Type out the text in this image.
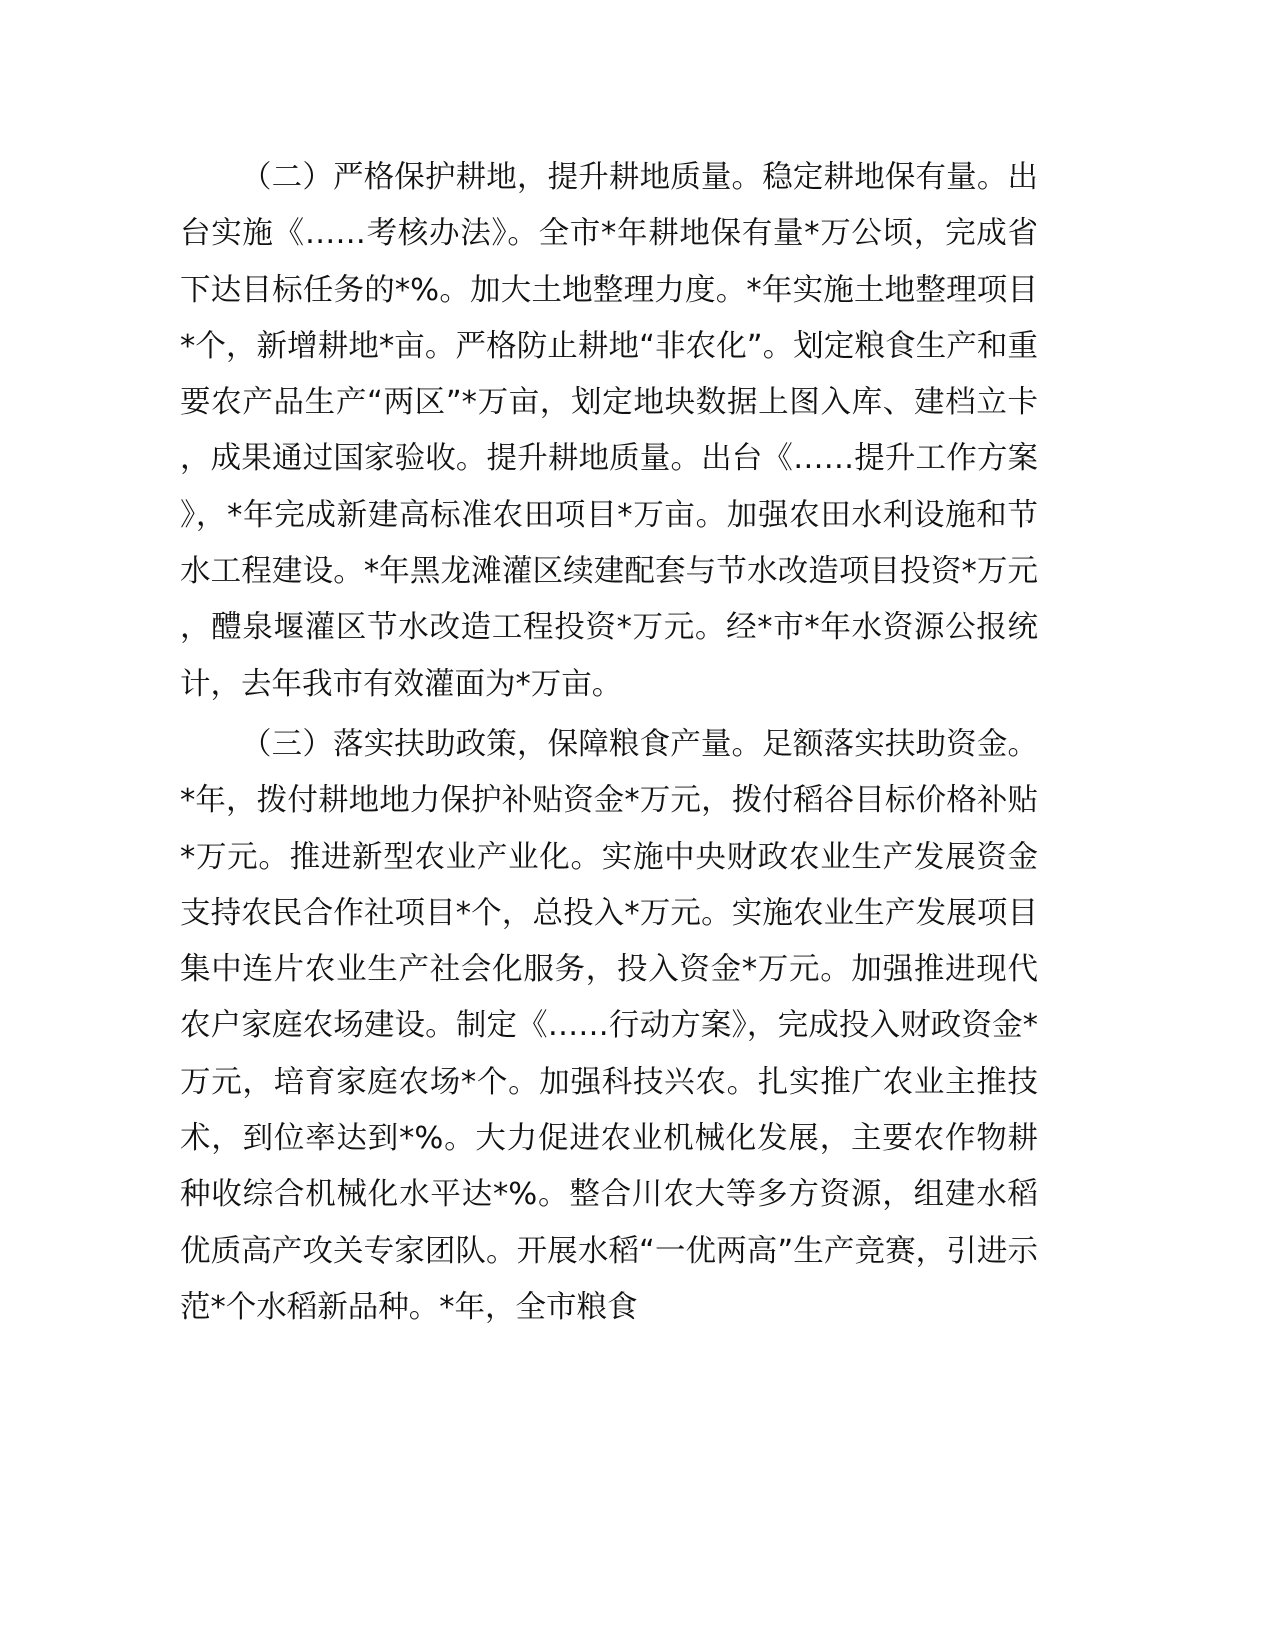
（二）严格保护耕地，提升耕地质量。稳定耕地保有量。出台实施《……考核办法》。全市*年耕地保有量*万公顷，完成省下达目标任务的*%。加大土地整理力度。*年实施土地整理项目*个，新增耕地*亩。严格防止耕地“非农化”。划定粮食生产和重要农产品生产“两区”*万亩，划定地块数据上图入库、建档立卡，成果通过国家验收。提升耕地质量。出台《……提升工作方案》，*年完成新建高标准农田项目*万亩。加强农田水利设施和节水工程建设。*年黑龙滩灌区续建配套与节水改造项目投资*万元，醴泉堰灌区节水改造工程投资*万元。经*市*年水资源公报统计，去年我市有效灌面为*万亩。

（三）落实扶助政策，保障粮食产量。足额落实扶助资金。*年，拨付耕地地力保护补贴资金*万元，拨付稻谷目标价格补贴*万元。推进新型农业产业化。实施中央财政农业生产发展资金支持农民合作社项目*个，总投入*万元。实施农业生产发展项目集中连片农业生产社会化服务，投入资金*万元。加强推进现代农户家庭农场建设。制定《……行动方案》，完成投入财政资金*万元，培育家庭农场*个。加强科技兴农。扎实推广农业主推技术，到位率达到*%。大力促进农业机械化发展，主要农作物耕种收综合机械化水平达*%。整合川农大等多方资源，组建水稻优质高产攻关专家团队。开展水稻“一优两高”生产竞赛，引进示范*个水稻新品种。*年，全市粮食
